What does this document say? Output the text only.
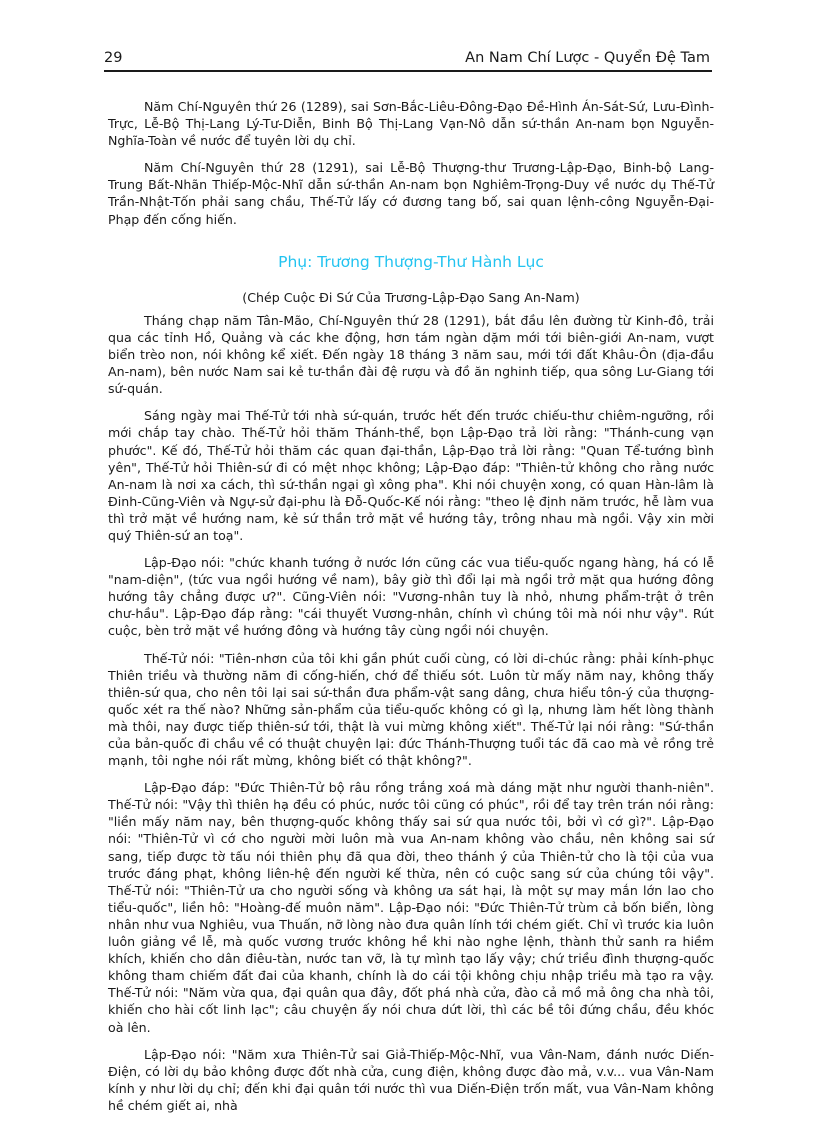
29	An Nam Chí Lược - Quyển Đệ Tam

Năm Chí-Nguyên thứ 26 (1289), sai Sơn-Bắc-Liêu-Đông-Đạo Đề-Hình Án-Sát-Sứ, Lưu-Đình-Trực, Lễ-Bộ Thị-Lang Lý-Tư-Diễn, Binh Bộ Thị-Lang Vạn-Nô dẫn sứ-thần An-nam bọn Nguyễn-Nghĩa-Toàn về nước để tuyên lời dụ chỉ.

Năm Chí-Nguyên thứ 28 (1291), sai Lễ-Bộ Thượng-thư Trương-Lập-Đạo, Binh-bộ Lang-Trung Bất-Nhãn Thiếp-Mộc-Nhĩ dẫn sứ-thần An-nam bọn Nghiêm-Trọng-Duy về nước dụ Thế-Tử Trần-Nhật-Tốn phải sang chầu, Thế-Tử lấy cớ đương tang bố, sai quan lệnh-công Nguyễn-Đại-Phạp đến cống hiến.

Phụ: Trương Thượng-Thư Hành Lục
(Chép Cuộc Đi Sứ Của Trương-Lập-Đạo Sang An-Nam)

Tháng chạp năm Tân-Mão, Chí-Nguyên thứ 28 (1291), bắt đầu lên đường từ Kinh-đô, trải qua các tỉnh Hồ, Quảng và các khe động, hơn tám ngàn dặm mới tới biên-giới An-nam, vượt biển trèo non, nói không kể xiết. Đến ngày 18 tháng 3 năm sau, mới tới đất Khâu-Ôn (địa-đầu An-nam), bên nước Nam sai kẻ tư-thần đài đệ rượu và đồ ăn nghinh tiếp, qua sông Lư-Giang tới sứ-quán.

Sáng ngày mai Thế-Tử tới nhà sứ-quán, trước hết đến trước chiếu-thư chiêm-ngưỡng, rồi mới chắp tay chào. Thế-Tử hỏi thăm Thánh-thể, bọn Lập-Đạo trả lời rằng: "Thánh-cung vạn phước". Kế đó, Thế-Tử hỏi thăm các quan đại-thần, Lập-Đạo trả lời rằng: "Quan Tể-tướng bình yên", Thế-Tử hỏi Thiên-sứ đi có mệt nhọc không; Lập-Đạo đáp: "Thiên-tử không cho rằng nước An-nam là nơi xa cách, thì sứ-thần ngại gì xông pha". Khi nói chuyện xong, có quan Hàn-lâm là Đinh-Cũng-Viên và Ngự-sử đại-phu là Đỗ-Quốc-Kế nói rằng: "theo lệ định năm trước, hễ làm vua thì trở mặt về hướng nam, kẻ sứ thần trở mặt về hướng tây, trông nhau mà ngồi. Vậy xin mời quý Thiên-sứ an toạ".

Lập-Đạo nói: "chức khanh tướng ở nước lớn cũng các vua tiểu-quốc ngang hàng, há có lễ "nam-diện", (tức vua ngồi hướng về nam), bây giờ thì đổi lại mà ngồi trở mặt qua hướng đông hướng tây chẳng được ư?". Cũng-Viên nói: "Vương-nhân tuy là nhỏ, nhưng phẩm-trật ở trên chư-hầu". Lập-Đạo đáp rằng: "cái thuyết Vương-nhân, chính vì chúng tôi mà nói như vậy". Rút cuộc, bèn trở mặt về hướng đông và hướng tây cùng ngồi nói chuyện.

Thế-Tử nói: "Tiên-nhơn của tôi khi gần phút cuối cùng, có lời di-chúc rằng: phải kính-phục Thiên triều và thường năm đi cống-hiến, chớ để thiếu sót. Luôn từ mấy năm nay, không thấy thiên-sứ qua, cho nên tôi lại sai sứ-thần đưa phẩm-vật sang dâng, chưa hiểu tôn-ý của thượng-quốc xét ra thế nào? Những sản-phẩm của tiểu-quốc không có gì lạ, nhưng làm hết lòng thành mà thôi, nay được tiếp thiên-sứ tới, thật là vui mừng không xiết". Thế-Tử lại nói rằng: "Sứ-thần của bản-quốc đi chầu về có thuật chuyện lại: đức Thánh-Thượng tuổi tác đã cao mà vẻ rồng trẻ mạnh, tôi nghe nói rất mừng, không biết có thật không?".

Lập-Đạo đáp: "Đức Thiên-Tử bộ râu rồng trắng xoá mà dáng mặt như người thanh-niên". Thế-Tử nói: "Vậy thì thiên hạ đều có phúc, nước tôi cũng có phúc", rồi để tay trên trán nói rằng: "liền mấy năm nay, bên thượng-quốc không thấy sai sứ qua nước tôi, bởi vì cớ gì?". Lập-Đạo nói: "Thiên-Tử vì cớ cho người mời luôn mà vua An-nam không vào chầu, nên không sai sứ sang, tiếp được tờ tấu nói thiên phụ đã qua đời, theo thánh ý của Thiên-tử cho là tội của vua trước đáng phạt, không liên-hệ đến người kế thừa, nên có cuộc sang sứ của chúng tôi vậy". Thế-Tử nói: "Thiên-Tử ưa cho người sống và không ưa sát hại, là một sự may mắn lớn lao cho tiểu-quốc", liền hô: "Hoàng-đế muôn năm". Lập-Đạo nói: "Đức Thiên-Tử trùm cả bốn biển, lòng nhân như vua Nghiêu, vua Thuấn, nỡ lòng nào đưa quân lính tới chém giết. Chỉ vì trước kia luôn luôn giảng về lễ, mà quốc vương trước không hề khi nào nghe lệnh, thành thử sanh ra hiềm khích, khiến cho dân điêu-tàn, nước tan vỡ, là tự mình tạo lấy vậy; chứ triều đình thượng-quốc không tham chiếm đất đai của khanh, chính là do cái tội không chịu nhập triều mà tạo ra vậy. Thế-Tử nói: "Năm vừa qua, đại quân qua đây, đốt phá nhà cửa, đào cả mồ mả ông cha nhà tôi, khiến cho hài cốt linh lạc"; câu chuyện ấy nói chưa dứt lời, thì các bề tôi đứng chầu, đều khóc oà lên.

Lập-Đạo nói: "Năm xưa Thiên-Tử sai Giả-Thiếp-Mộc-Nhĩ, vua Vân-Nam, đánh nước Diến-Điện, có lời dụ bảo không được đốt nhà cửa, cung điện, không được đào mả, v.v... vua Vân-Nam kính y như lời dụ chỉ; đến khi đại quân tới nước thì vua Diến-Điện trốn mất, vua Vân-Nam không hề chém giết ai, nhà
